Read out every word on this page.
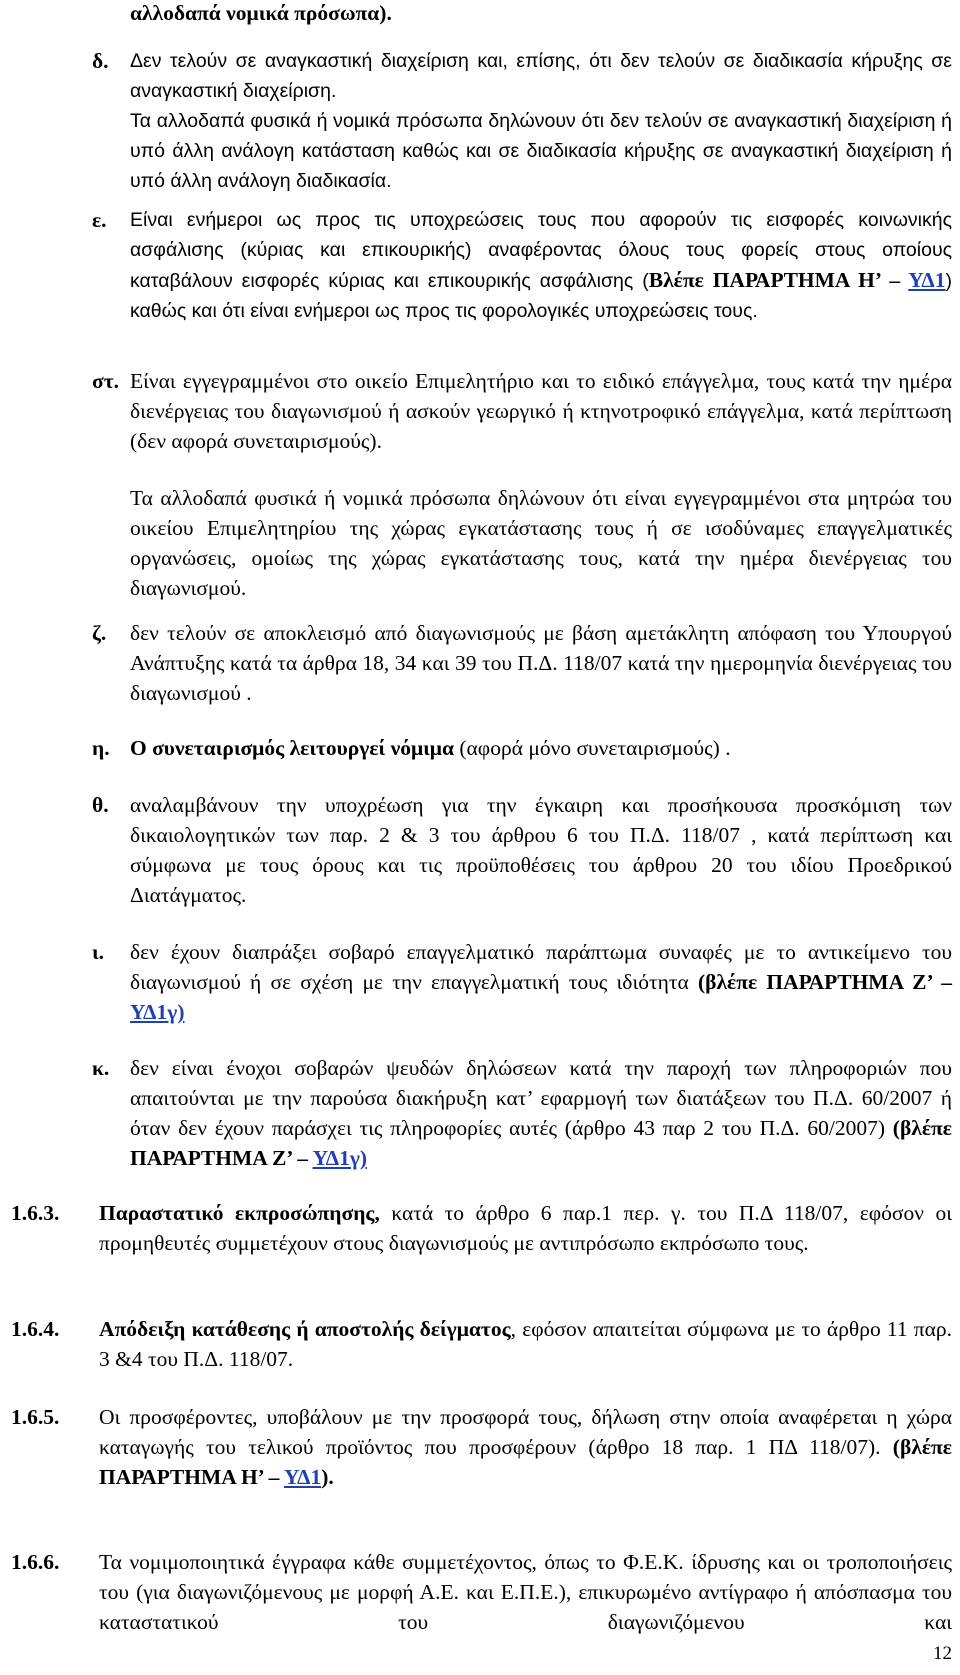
αλλοδαπά νομικά πρόσωπα).
δ. Δεν τελούν σε αναγκαστική διαχείριση και, επίσης, ότι δεν τελούν σε διαδικασία κήρυξης σε αναγκαστική διαχείριση.
Τα αλλοδαπά φυσικά ή νομικά πρόσωπα δηλώνουν ότι δεν τελούν σε αναγκαστική διαχείριση ή υπό άλλη ανάλογη κατάσταση καθώς και σε διαδικασία κήρυξης σε αναγκαστική διαχείριση ή υπό άλλη ανάλογη διαδικασία.
ε. Είναι ενήμεροι ως προς τις υποχρεώσεις τους που αφορούν τις εισφορές κοινωνικής ασφάλισης (κύριας και επικουρικής) αναφέροντας όλους τους φορείς στους οποίους καταβάλουν εισφορές κύριας και επικουρικής ασφάλισης (Βλέπε ΠΑΡΑΡΤΗΜΑ Η’ – ΥΔ1) καθώς και ότι είναι ενήμεροι ως προς τις φορολογικές υποχρεώσεις τους.
στ. Είναι εγγεγραμμένοι στο οικείο Επιμελητήριο και το ειδικό επάγγελμα, τους κατά την ημέρα διενέργειας του διαγωνισμού ή ασκούν γεωργικό ή κτηνοτροφικό επάγγελμα, κατά περίπτωση (δεν αφορά συνεταιρισμούς).
Τα αλλοδαπά φυσικά ή νομικά πρόσωπα δηλώνουν ότι είναι εγγεγραμμένοι στα μητρώα του οικείου Επιμελητηρίου της χώρας εγκατάστασης τους ή σε ισοδύναμες επαγγελματικές οργανώσεις, ομοίως της χώρας εγκατάστασης τους, κατά την ημέρα διενέργειας του διαγωνισμού.
ζ. δεν τελούν σε αποκλεισμό από διαγωνισμούς με βάση αμετάκλητη απόφαση του Υπουργού Ανάπτυξης κατά τα άρθρα 18, 34 και 39 του Π.Δ. 118/07 κατά την ημερομηνία διενέργειας του διαγωνισμού .
η. Ο συνεταιρισμός λειτουργεί νόμιμα (αφορά μόνο συνεταιρισμούς) .
θ. αναλαμβάνουν την υποχρέωση για την έγκαιρη και προσήκουσα προσκόμιση των δικαιολογητικών των παρ. 2 & 3 του άρθρου 6 του Π.Δ. 118/07 , κατά περίπτωση και σύμφωνα με τους όρους και τις προϋποθέσεις του άρθρου 20 του ιδίου Προεδρικού Διατάγματος.
ι. δεν έχουν διαπράξει σοβαρό επαγγελματικό παράπτωμα συναφές με το αντικείμενο του διαγωνισμού ή σε σχέση με την επαγγελματική τους ιδιότητα (βλέπε ΠΑΡΑΡΤΗΜΑ Ζ’ – ΥΔ1γ)
κ. δεν είναι ένοχοι σοβαρών ψευδών δηλώσεων κατά την παροχή των πληροφοριών που απαιτούνται με την παρούσα διακήρυξη κατ’ εφαρμογή των διατάξεων του Π.Δ. 60/2007 ή όταν δεν έχουν παράσχει τις πληροφορίες αυτές (άρθρο 43 παρ 2 του Π.Δ. 60/2007) (βλέπε ΠΑΡΑΡΤΗΜΑ Ζ’ – ΥΔ1γ)
1.6.3. Παραστατικό εκπροσώπησης, κατά το άρθρο 6 παρ.1 περ. γ. του Π.Δ 118/07, εφόσον οι προμηθευτές συμμετέχουν στους διαγωνισμούς με αντιπρόσωπο εκπρόσωπο τους.
1.6.4. Απόδειξη κατάθεσης ή αποστολής δείγματος, εφόσον απαιτείται σύμφωνα με το άρθρο 11 παρ. 3 &4 του Π.Δ. 118/07.
1.6.5. Οι προσφέροντες, υποβάλουν με την προσφορά τους, δήλωση στην οποία αναφέρεται η χώρα καταγωγής του τελικού προϊόντος που προσφέρουν (άρθρο 18 παρ. 1 ΠΔ 118/07). (βλέπε ΠΑΡΑΡΤΗΜΑ Η’ – ΥΔ1).
1.6.6. Τα νομιμοποιητικά έγγραφα κάθε συμμετέχοντος, όπως το Φ.Ε.Κ. ίδρυσης και οι τροποποιήσεις του (για διαγωνιζόμενους με μορφή Α.Ε. και Ε.Π.Ε.), επικυρωμένο αντίγραφο ή απόσπασμα του καταστατικού του διαγωνιζόμενου και
12
